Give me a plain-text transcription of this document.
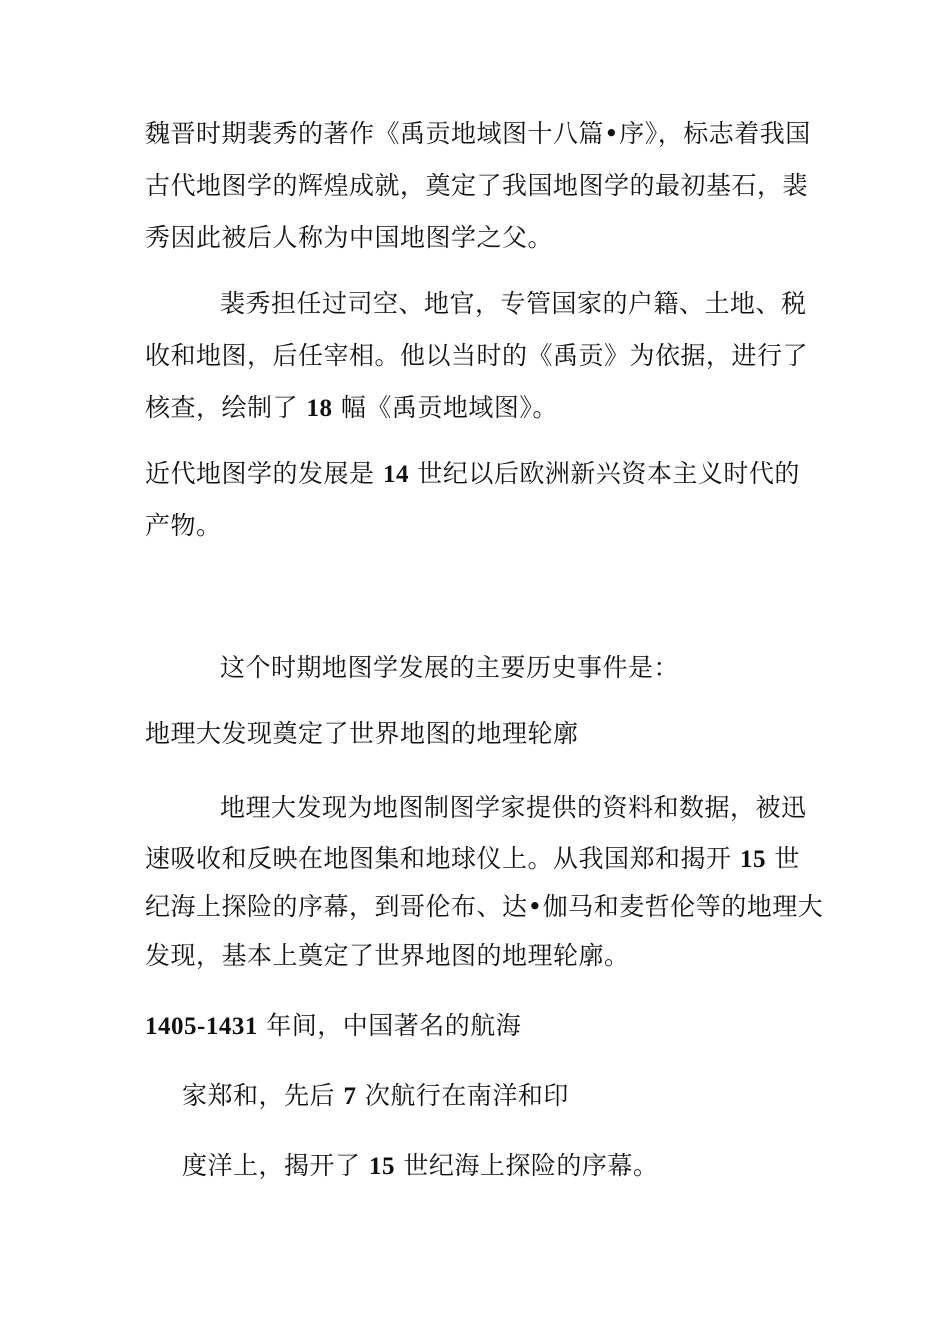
魏晋时期裴秀的著作《禹贡地域图十八篇•序》，标志着我国
古代地图学的辉煌成就，奠定了我国地图学的最初基石，裴
秀因此被后人称为中国地图学之父。
裴秀担任过司空、地官，专管国家的户籍、土地、税
收和地图，后任宰相。他以当时的《禹贡》为依据，进行了
核查，绘制了 18 幅《禹贡地域图》。
近代地图学的发展是 14 世纪以后欧洲新兴资本主义时代的
产物。
这个时期地图学发展的主要历史事件是：
地理大发现奠定了世界地图的地理轮廓
地理大发现为地图制图学家提供的资料和数据，被迅
速吸收和反映在地图集和地球仪上。从我国郑和揭开 15 世
纪海上探险的序幕，到哥伦布、达•伽马和麦哲伦等的地理大
发现，基本上奠定了世界地图的地理轮廓。
1405-1431 年间，中国著名的航海
家郑和，先后 7 次航行在南洋和印
度洋上，揭开了 15 世纪海上探险的序幕。
